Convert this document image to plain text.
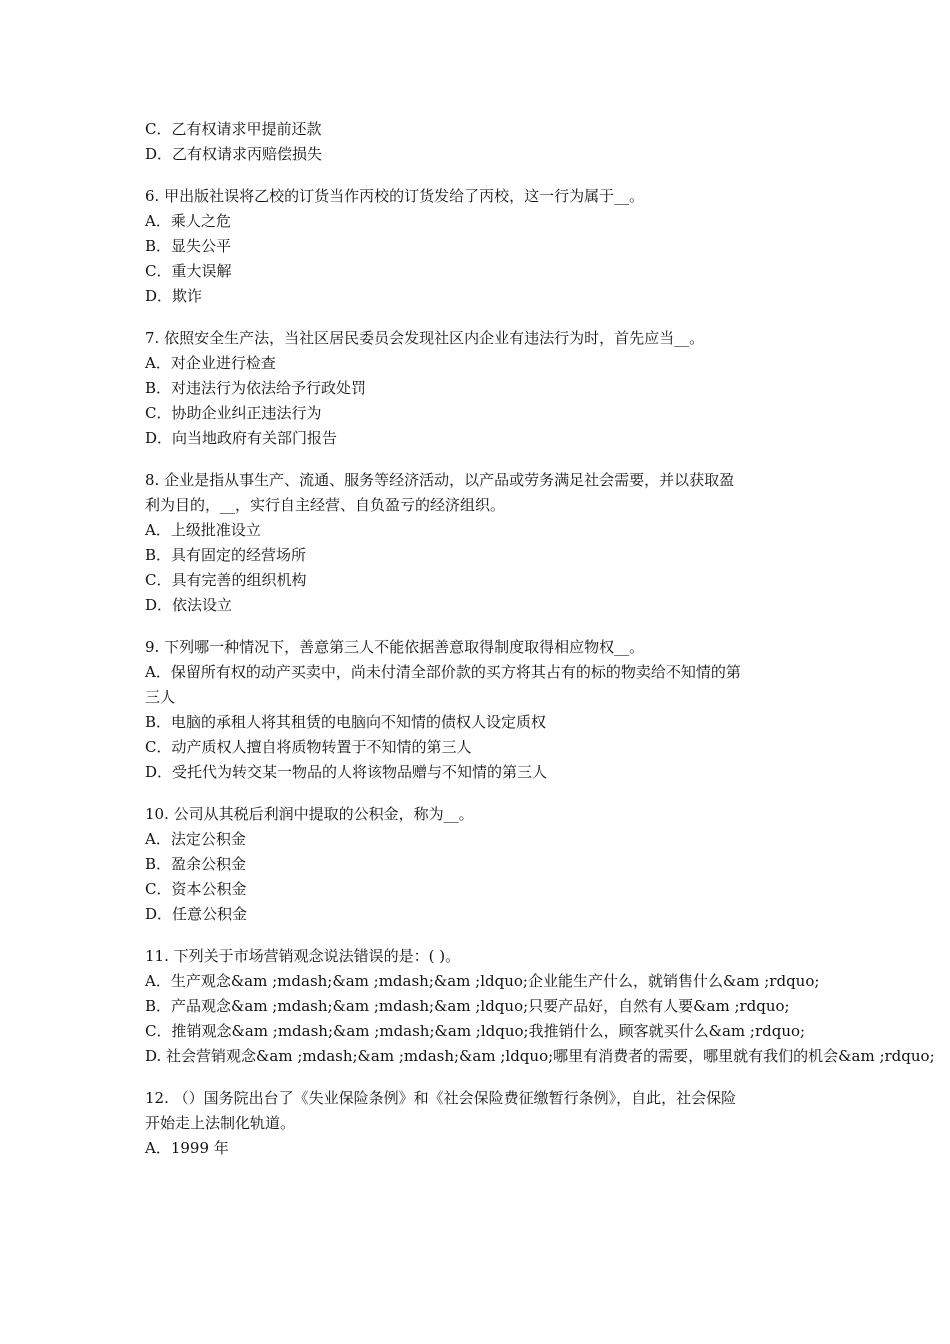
C．乙有权请求甲提前还款
D．乙有权请求丙赔偿损失
6. 甲出版社误将乙校的订货当作丙校的订货发给了丙校，这一行为属于__。
A．乘人之危
B．显失公平
C．重大误解
D．欺诈
7. 依照安全生产法，当社区居民委员会发现社区内企业有违法行为时，首先应当__。
A．对企业进行检查
B．对违法行为依法给予行政处罚
C．协助企业纠正违法行为
D．向当地政府有关部门报告
8. 企业是指从事生产、流通、服务等经济活动，以产品或劳务满足社会需要，并以获取盈
利为目的，__，实行自主经营、自负盈亏的经济组织。
A．上级批准设立
B．具有固定的经营场所
C．具有完善的组织机构
D．依法设立
9. 下列哪一种情况下，善意第三人不能依据善意取得制度取得相应物权__。
A．保留所有权的动产买卖中，尚未付清全部价款的买方将其占有的标的物卖给不知情的第
三人
B．电脑的承租人将其租赁的电脑向不知情的债权人设定质权
C．动产质权人擅自将质物转置于不知情的第三人
D．受托代为转交某一物品的人将该物品赠与不知情的第三人
10. 公司从其税后利润中提取的公积金，称为__。
A．法定公积金
B．盈余公积金
C．资本公积金
D．任意公积金
11. 下列关于市场营销观念说法错误的是：( )。
A．生产观念&am ;mdash;&am ;mdash;&am ;ldquo;企业能生产什么，就销售什么&am ;rdquo;
B．产品观念&am ;mdash;&am ;mdash;&am ;ldquo;只要产品好，自然有人要&am ;rdquo;
C．推销观念&am ;mdash;&am ;mdash;&am ;ldquo;我推销什么，顾客就买什么&am ;rdquo;
D. 社会营销观念&am ;mdash;&am ;mdash;&am ;ldquo;哪里有消费者的需要，哪里就有我们的机会&am ;rdquo;
12. （）国务院出台了《失业保险条例》和《社会保险费征缴暂行条例》，自此，社会保险
开始走上法制化轨道。
A．1999 年
